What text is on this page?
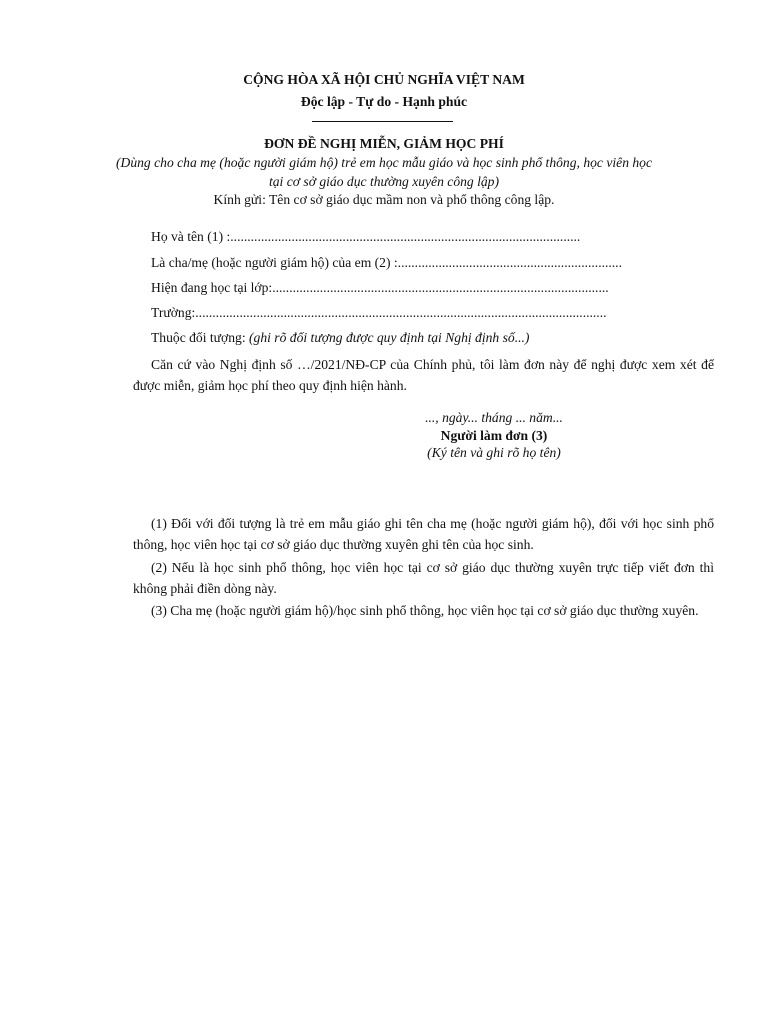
CỘNG HÒA XÃ HỘI CHỦ NGHĨA VIỆT NAM
Độc lập - Tự do - Hạnh phúc
ĐƠN ĐỀ NGHỊ MIỄN, GIẢM HỌC PHÍ
(Dùng cho cha mẹ (hoặc người giám hộ) trẻ em học mẫu giáo và học sinh phổ thông, học viên học
tại cơ sở giáo dục thường xuyên công lập)
Kính gửi: Tên cơ sở giáo dục mầm non và phổ thông công lập.
Họ và tên (1) :.......................................................................................................
Là cha/mẹ (hoặc người giám hộ) của em (2) :..................................................................
Hiện đang học tại lớp:...................................................................................................
Trường:.........................................................................................................................
Thuộc đối tượng: (ghi rõ đối tượng được quy định tại Nghị định số...)
Căn cứ vào Nghị định số …/2021/NĐ-CP của Chính phủ, tôi làm đơn này để nghị được xem xét để được miễn, giảm học phí theo quy định hiện hành.
..., ngày... tháng ... năm...
Người làm đơn (3)
(Ký tên và ghi rõ họ tên)
(1) Đối với đối tượng là trẻ em mẫu giáo ghi tên cha mẹ (hoặc người giám hộ), đối với học sinh phổ thông, học viên học tại cơ sở giáo dục thường xuyên ghi tên của học sinh.
(2) Nếu là học sinh phổ thông, học viên học tại cơ sở giáo dục thường xuyên trực tiếp viết đơn thì không phải điền dòng này.
(3) Cha mẹ (hoặc người giám hộ)/học sinh phổ thông, học viên học tại cơ sở giáo dục thường xuyên.
